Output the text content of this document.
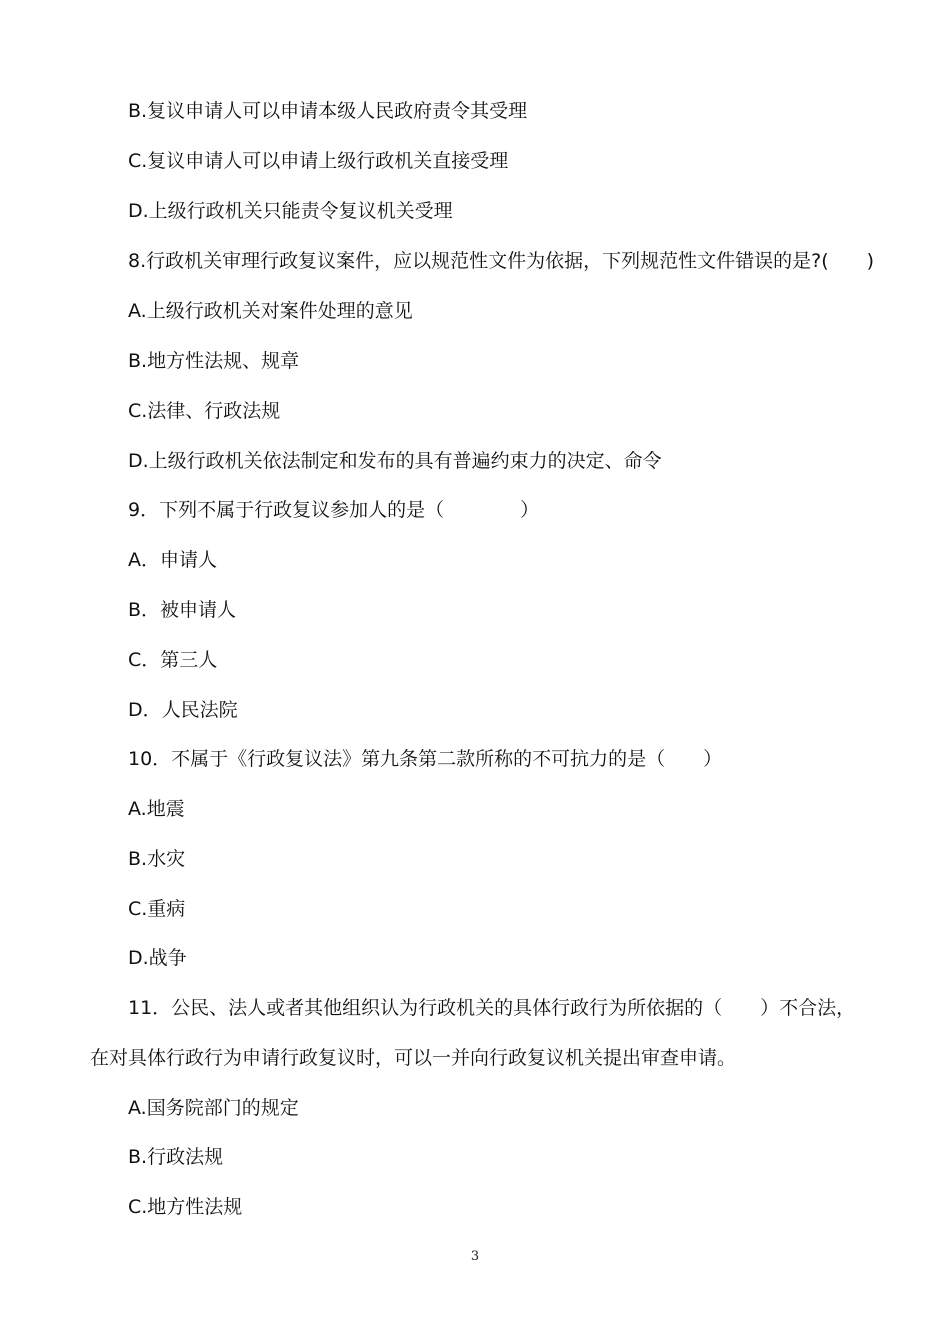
B.复议申请人可以申请本级人民政府责令其受理
C.复议申请人可以申请上级行政机关直接受理
D.上级行政机关只能责令复议机关受理
8.行政机关审理行政复议案件，应以规范性文件为依据，下列规范性文件错误的是?(　　)
A.上级行政机关对案件处理的意见
B.地方性法规、规章
C.法律、行政法规
D.上级行政机关依法制定和发布的具有普遍约束力的决定、命令
9．下列不属于行政复议参加人的是（　　　　）
A．申请人
B．被申请人
C．第三人
D．人民法院
10．不属于《行政复议法》第九条第二款所称的不可抗力的是（　　）
A.地震
B.水灾
C.重病
D.战争
11．公民、法人或者其他组织认为行政机关的具体行政行为所依据的（　　）不合法，
在对具体行政行为申请行政复议时，可以一并向行政复议机关提出审查申请。
A.国务院部门的规定
B.行政法规
C.地方性法规
3
